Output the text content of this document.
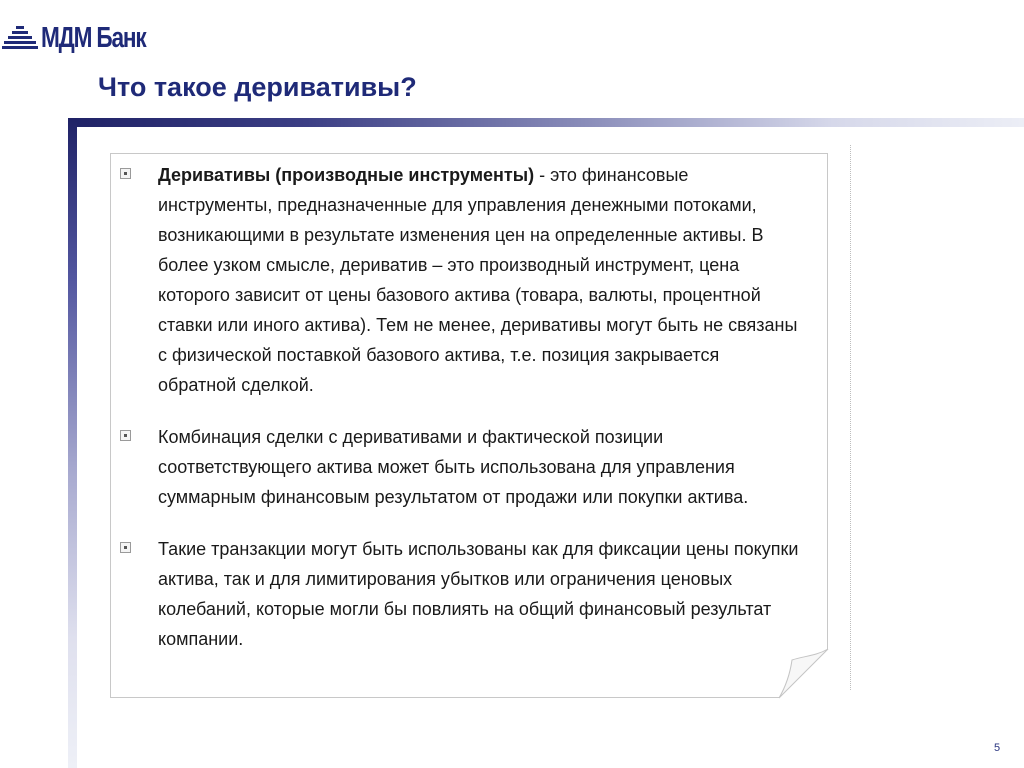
МДМ Банк
Что такое деривативы?

Деривативы (производные инструменты) - это финансовые инструменты, предназначенные для управления денежными потоками, возникающими в результате изменения цен на определенные активы. В более узком смысле, дериватив – это производный инструмент, цена которого зависит от цены базового актива (товара, валюты, процентной ставки или иного актива). Тем не менее, деривативы могут быть не связаны с физической поставкой базового актива, т.е. позиция закрывается обратной сделкой.

Комбинация сделки с деривативами и фактической позиции соответствующего актива может быть использована для управления суммарным финансовым результатом от продажи или покупки актива.

Такие транзакции могут быть использованы как для фиксации цены покупки актива, так и для лимитирования убытков или ограничения ценовых колебаний, которые могли бы повлиять на общий финансовый результат компании.

5
